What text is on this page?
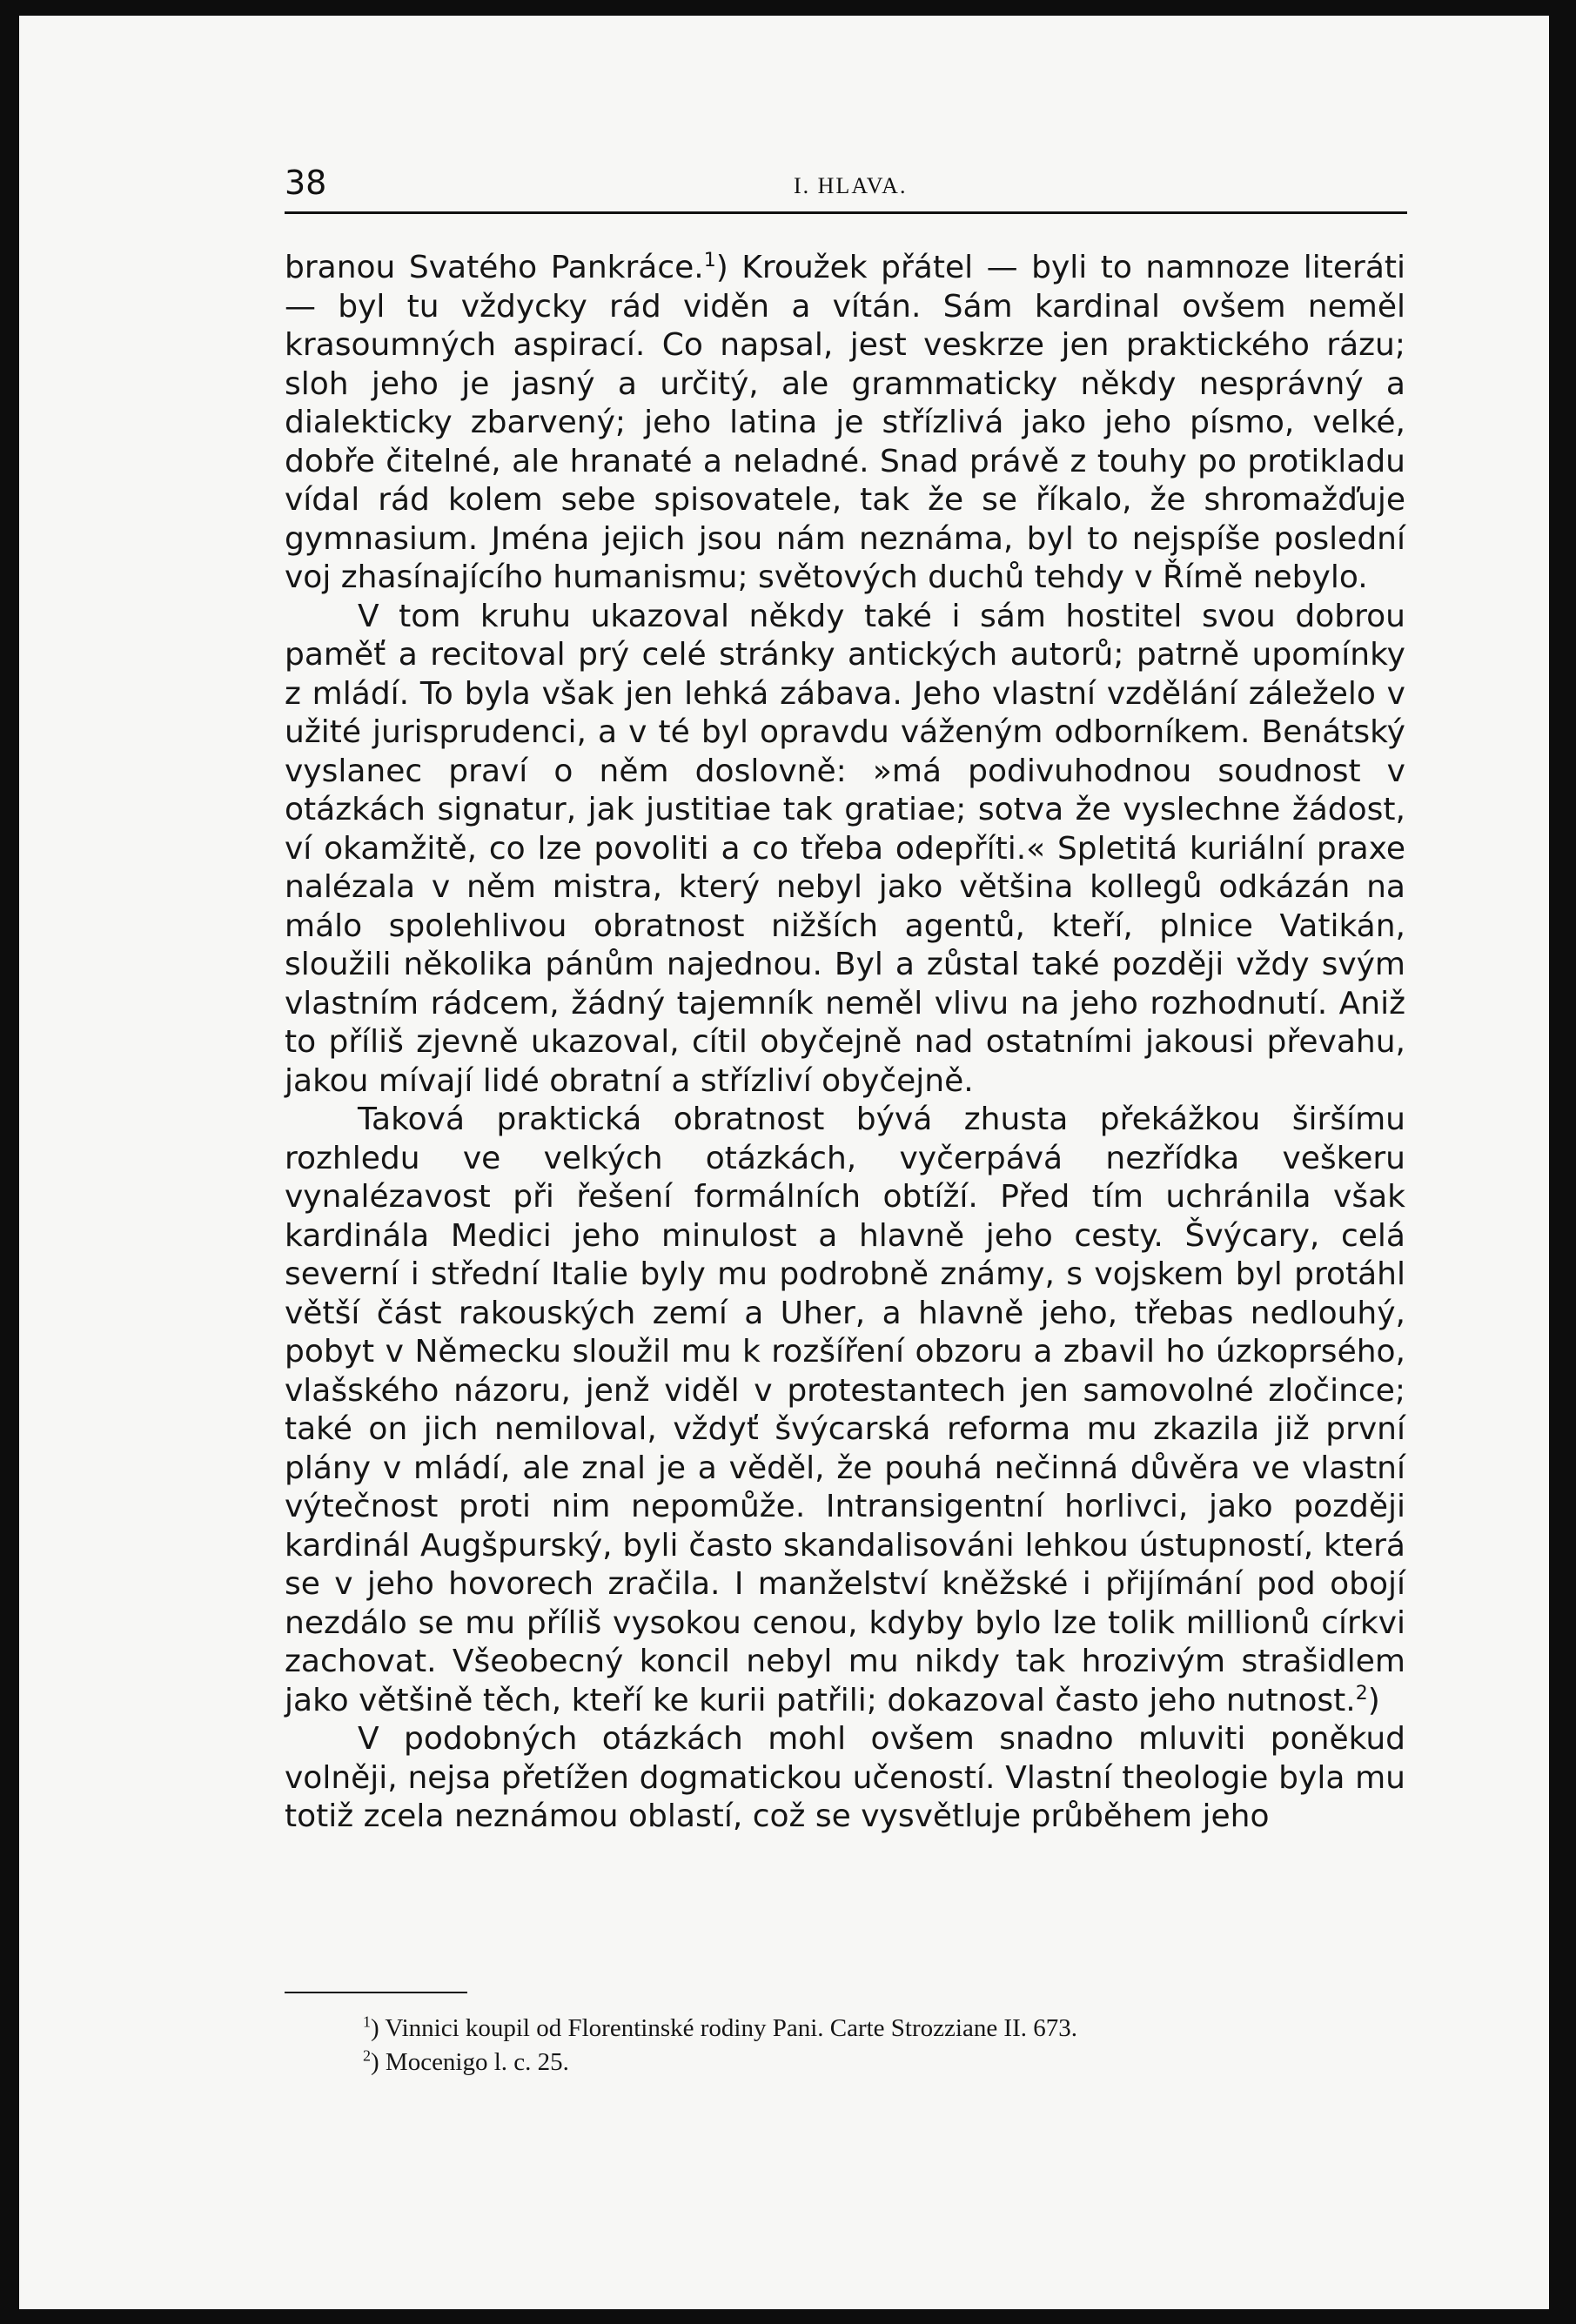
38	I. HLAVA.

branou Svatého Pankráce.$^1$) Kroužek přátel — byli to namnoze literáti — byl tu vždycky rád viděn a vítán. Sám kardinal ovšem neměl krasoumných aspirací. Co napsal, jest veskrze jen praktického rázu; sloh jeho je jasný a určitý, ale grammaticky někdy nesprávný a dialekticky zbarvený; jeho latina je střízlivá jako jeho písmo, velké, dobře čitelné, ale hranaté a neladné. Snad právě z touhy po protikladu vídal rád kolem sebe spisovatele, tak že se říkalo, že shromažďuje gymnasium. Jména jejich jsou nám neznáma, byl to nejspíše poslední voj zhasínajícího humanismu; světových duchů tehdy v Římě nebylo.

V tom kruhu ukazoval někdy také i sám hostitel svou dobrou paměť a recitoval prý celé stránky antických autorů; patrně upomínky z mládí. To byla však jen lehká zábava. Jeho vlastní vzdělání záleželo v užité jurisprudenci, a v té byl opravdu váženým odborníkem. Benátský vyslanec praví o něm doslovně: »má podivuhodnou soudnost v otázkách signatur, jak justitiae tak gratiae; sotva že vyslechne žádost, ví okamžitě, co lze povoliti a co třeba odepříti.« Spletitá kuriální praxe nalézala v něm mistra, který nebyl jako většina kollegů odkázán na málo spolehlivou obratnost nižších agentů, kteří, plnice Vatikán, sloužili několika pánům najednou. Byl a zůstal také později vždy svým vlastním rádcem, žádný tajemník neměl vlivu na jeho rozhodnutí. Aniž to příliš zjevně ukazoval, cítil obyčejně nad ostatními jakousi převahu, jakou mívají lidé obratní a střízliví obyčejně.

Taková praktická obratnost bývá zhusta překážkou širšímu rozhledu ve velkých otázkách, vyčerpává nezřídka veškeru vynalézavost při řešení formálních obtíží. Před tím uchránila však kardinála Medici jeho minulost a hlavně jeho cesty. Švýcary, celá severní i střední Italie byly mu podrobně známy, s vojskem byl protáhl větší část rakouských zemí a Uher, a hlavně jeho, třebas nedlouhý, pobyt v Německu sloužil mu k rozšíření obzoru a zbavil ho úzkoprsého, vlašského názoru, jenž viděl v protestantech jen samovolné zločince; také on jich nemiloval, vždyť švýcarská reforma mu zkazila již první plány v mládí, ale znal je a věděl, že pouhá nečinná důvěra ve vlastní výtečnost proti nim nepomůže. Intransigentní horlivci, jako později kardinál Augšpurský, byli často skandalisováni lehkou ústupností, která se v jeho hovorech zračila. I manželství kněžské i přijímání pod obojí nezdálo se mu příliš vysokou cenou, kdyby bylo lze tolik millionů církvi zachovat. Všeobecný koncil nebyl mu nikdy tak hrozivým strašidlem jako většině těch, kteří ke kurii patřili; dokazoval často jeho nutnost.$^2$)

V podobných otázkách mohl ovšem snadno mluviti poněkud volněji, nejsa přetížen dogmatickou učeností. Vlastní theologie byla mu totiž zcela neznámou oblastí, což se vysvětluje průběhem jeho

$^1$) Vinnici koupil od Florentinské rodiny Pani. Carte Strozziane II. 673.
$^2$) Mocenigo l. c. 25.
